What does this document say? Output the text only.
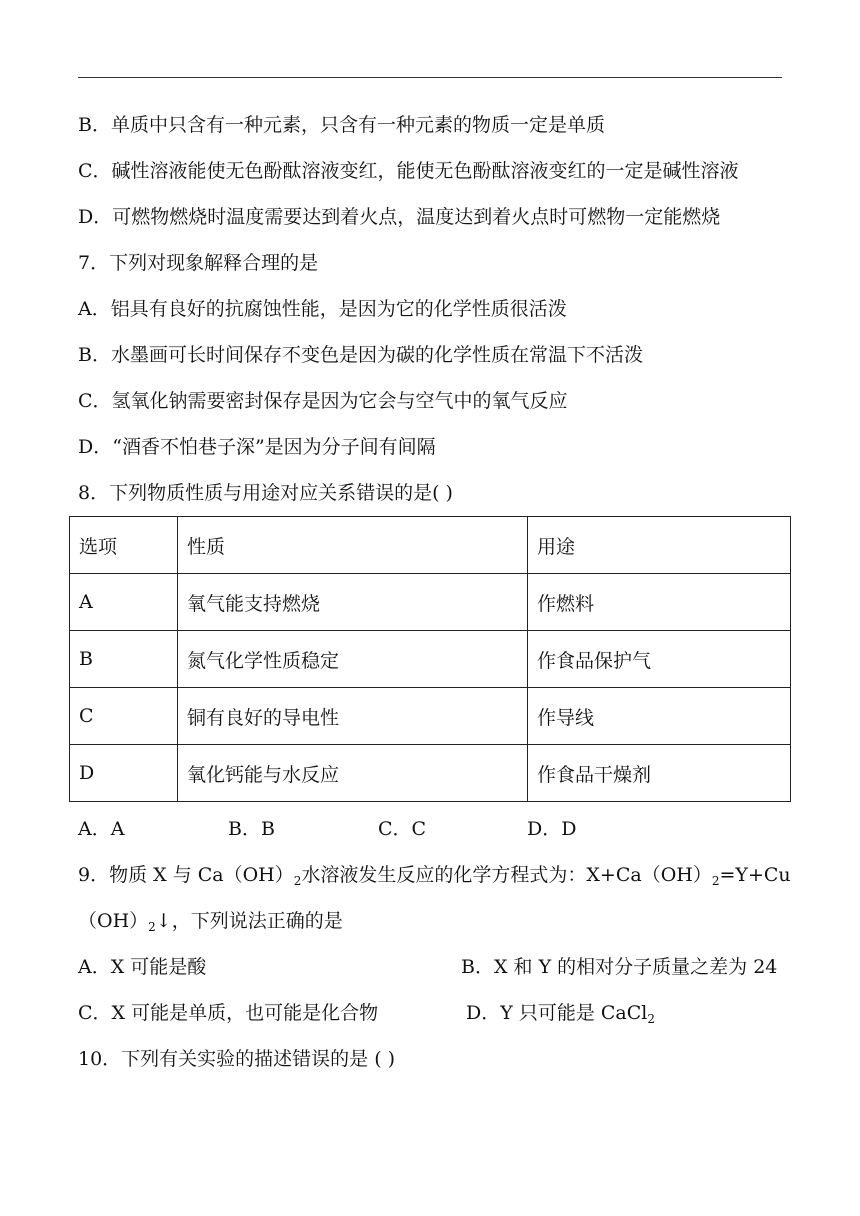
B．单质中只含有一种元素，只含有一种元素的物质一定是单质
C．碱性溶液能使无色酚酞溶液变红，能使无色酚酞溶液变红的一定是碱性溶液
D．可燃物燃烧时温度需要达到着火点，温度达到着火点时可燃物一定能燃烧
7．下列对现象解释合理的是
A．铝具有良好的抗腐蚀性能，是因为它的化学性质很活泼
B．水墨画可长时间保存不变色是因为碳的化学性质在常温下不活泼
C．氢氧化钠需要密封保存是因为它会与空气中的氧气反应
D．“酒香不怕巷子深”是因为分子间有间隔
8．下列物质性质与用途对应关系错误的是( )
选项	性质	用途
A	氧气能支持燃烧	作燃料
B	氮气化学性质稳定	作食品保护气
C	铜有良好的导电性	作导线
D	氧化钙能与水反应	作食品干燥剂
A．A	B．B	C．C	D．D
9．物质 X 与 $Ca(OH)_2$水溶液发生反应的化学方程式为：$X+Ca(OH)_2=Y+Cu$
$(OH)_2↓$，下列说法正确的是
A．X 可能是酸	B．X 和 Y 的相对分子质量之差为 24
C．X 可能是单质，也可能是化合物	D．Y 只可能是 CaCl$_2$
10．下列有关实验的描述错误的是 ( )
